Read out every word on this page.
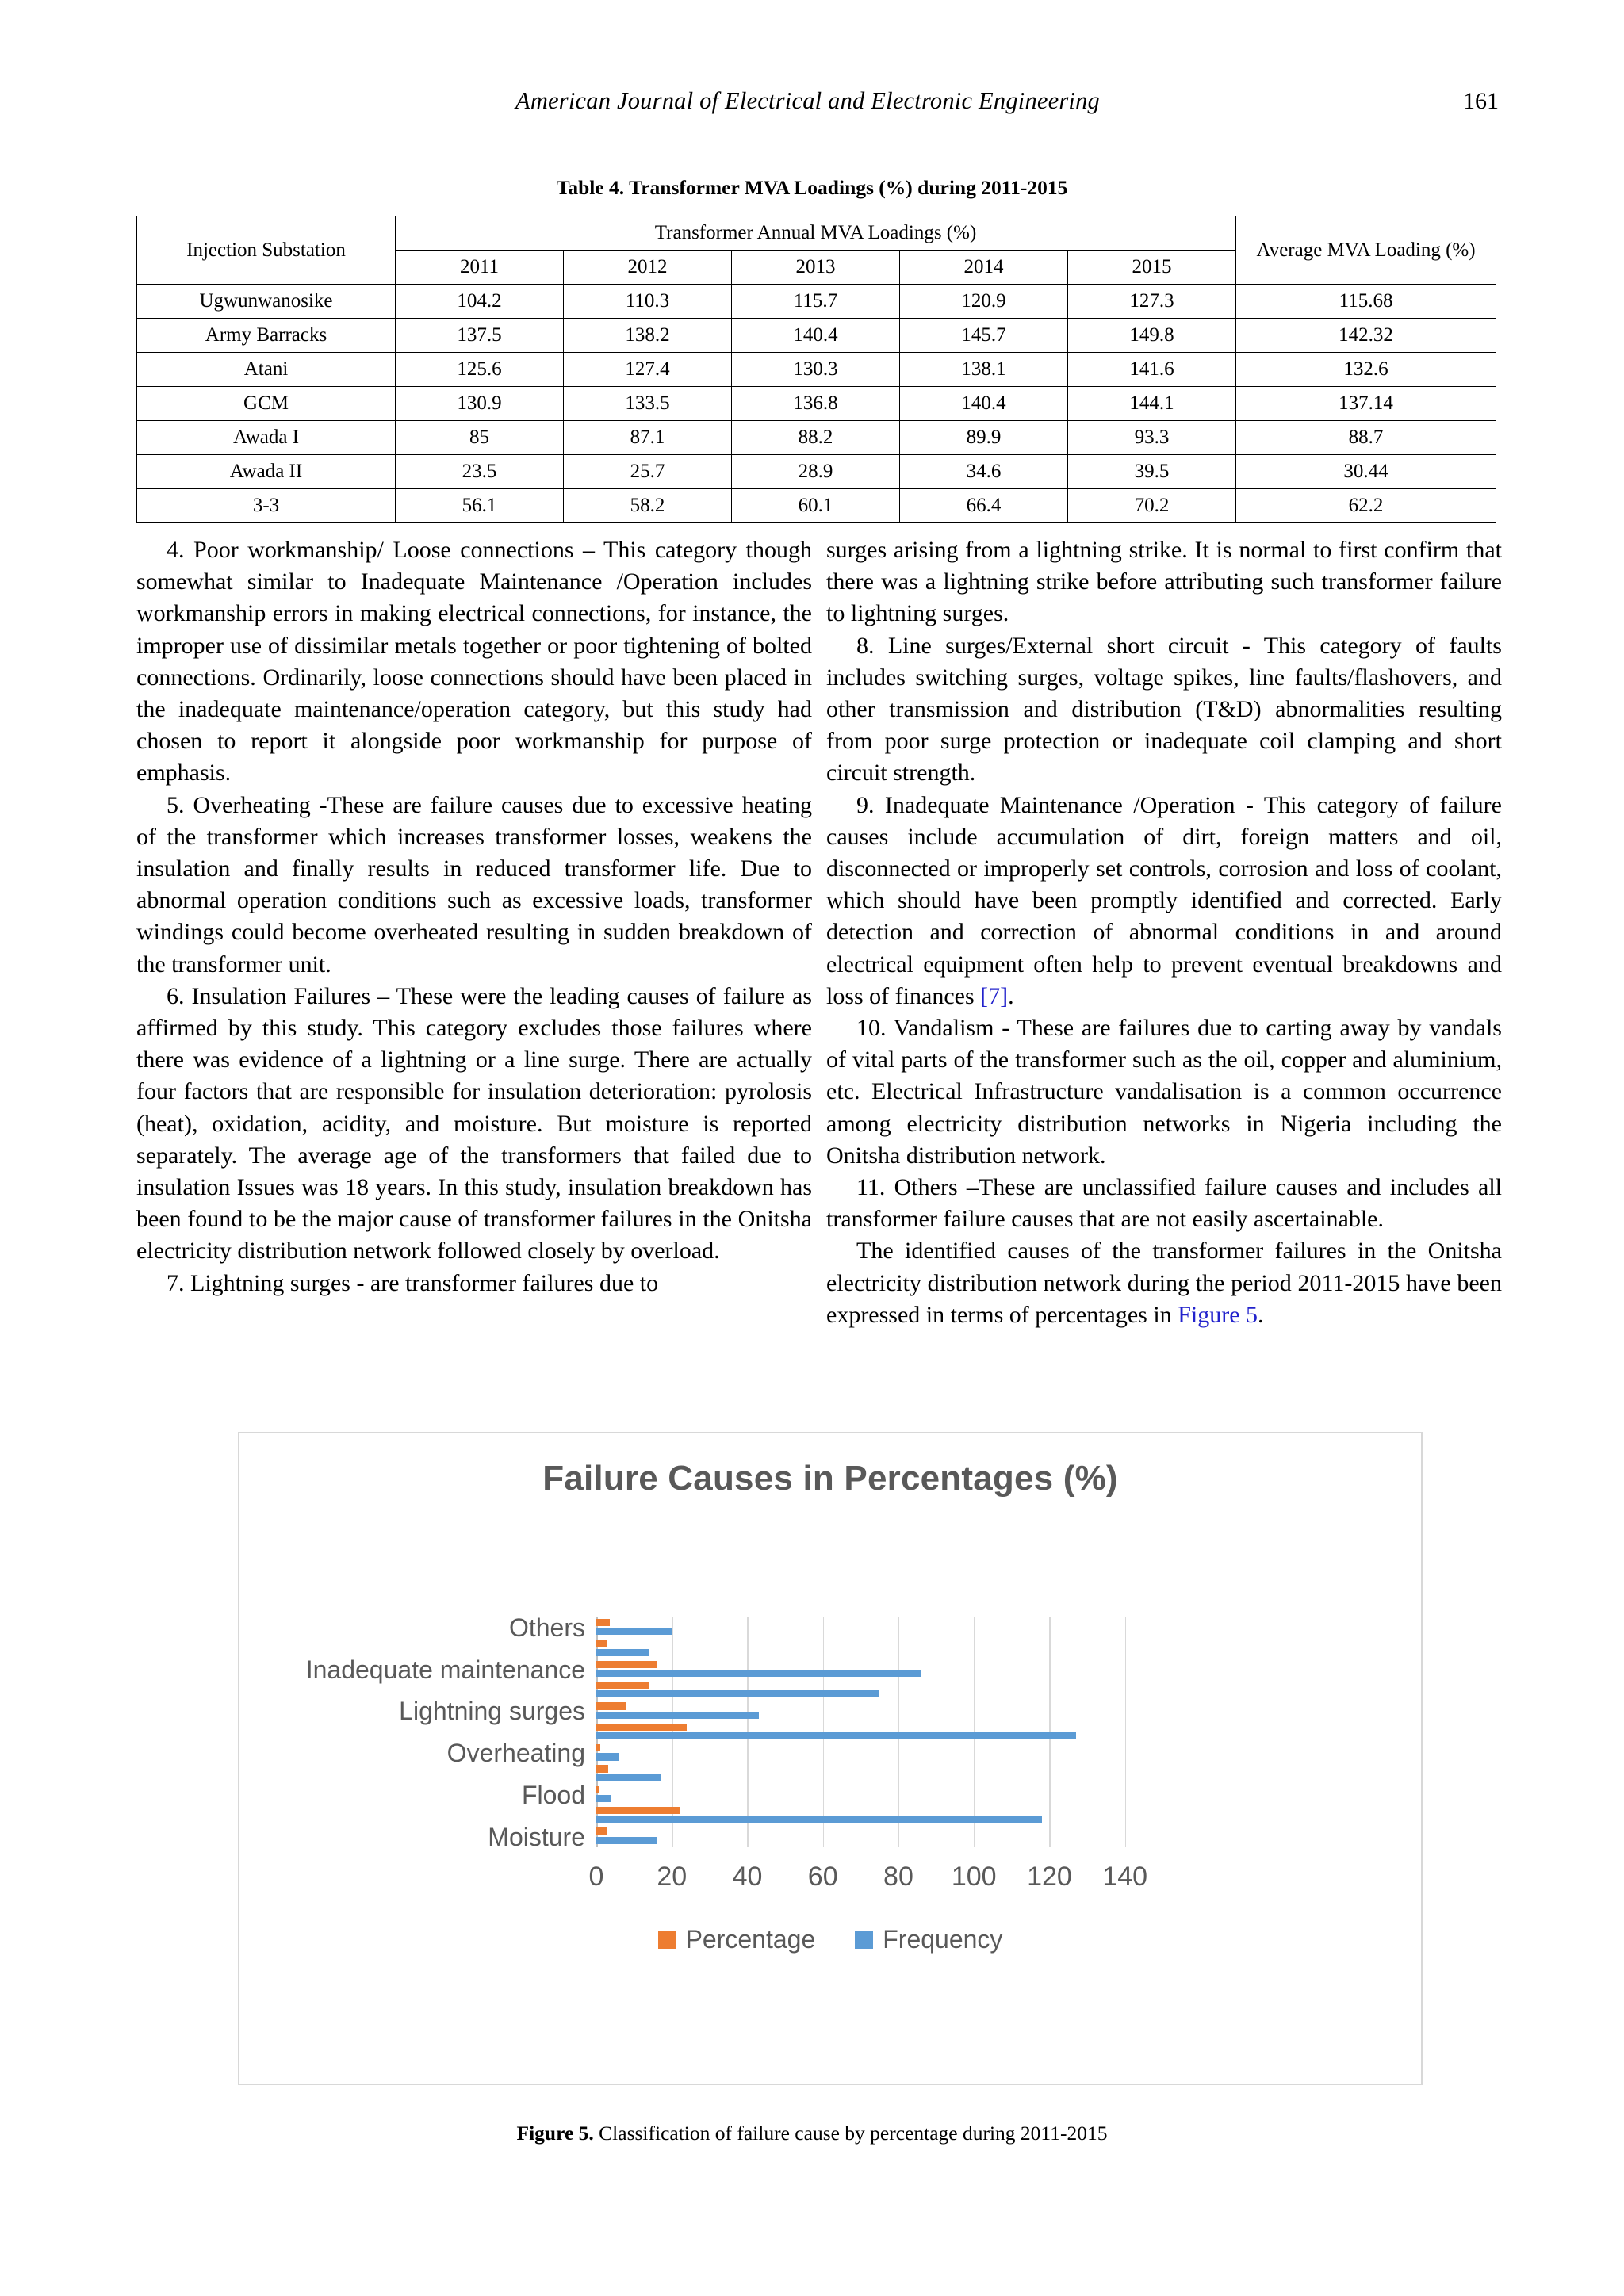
American Journal of Electrical and Electronic Engineering	161
Table 4. Transformer MVA Loadings (%) during 2011-2015
Injection Substation	Transformer Annual MVA Loadings (%)					Average MVA Loading (%)
	2011	2012	2013	2014	2015	
Ugwunwanosike	104.2	110.3	115.7	120.9	127.3	115.68
Army Barracks	137.5	138.2	140.4	145.7	149.8	142.32
Atani	125.6	127.4	130.3	138.1	141.6	132.6
GCM	130.9	133.5	136.8	140.4	144.1	137.14
Awada I	85	87.1	88.2	89.9	93.3	88.7
Awada II	23.5	25.7	28.9	34.6	39.5	30.44
3-3	56.1	58.2	60.1	66.4	70.2	62.2

4. Poor workmanship/ Loose connections – This category though somewhat similar to Inadequate Maintenance /Operation includes workmanship errors in making electrical connections, for instance, the improper use of dissimilar metals together or poor tightening of bolted connections. Ordinarily, loose connections should have been placed in the inadequate maintenance/operation category, but this study had chosen to report it alongside poor workmanship for purpose of emphasis.

5. Overheating -These are failure causes due to excessive heating of the transformer which increases transformer losses, weakens the insulation and finally results in reduced transformer life. Due to abnormal operation conditions such as excessive loads, transformer windings could become overheated resulting in sudden breakdown of the transformer unit.

6. Insulation Failures – These were the leading causes of failure as affirmed by this study. This category excludes those failures where there was evidence of a lightning or a line surge. There are actually four factors that are responsible for insulation deterioration: pyrolosis (heat), oxidation, acidity, and moisture. But moisture is reported separately. The average age of the transformers that failed due to insulation Issues was 18 years. In this study, insulation breakdown has been found to be the major cause of transformer failures in the Onitsha electricity distribution network followed closely by overload.

7. Lightning surges - are transformer failures due to

surges arising from a lightning strike. It is normal to first confirm that there was a lightning strike before attributing such transformer failure to lightning surges.

8. Line surges/External short circuit - This category of faults includes switching surges, voltage spikes, line faults/flashovers, and other transmission and distribution (T&D) abnormalities resulting from poor surge protection or inadequate coil clamping and short circuit strength.

9. Inadequate Maintenance /Operation - This category of failure causes include accumulation of dirt, foreign matters and oil, disconnected or improperly set controls, corrosion and loss of coolant, which should have been promptly identified and corrected. Early detection and correction of abnormal conditions in and around electrical equipment often help to prevent eventual breakdowns and loss of finances [7].

10. Vandalism - These are failures due to carting away by vandals of vital parts of the transformer such as the oil, copper and aluminium, etc. Electrical Infrastructure vandalisation is a common occurrence among electricity distribution networks in Nigeria including the Onitsha distribution network.

11. Others –These are unclassified failure causes and includes all transformer failure causes that are not easily ascertainable.

The identified causes of the transformer failures in the Onitsha electricity distribution network during the period 2011-2015 have been expressed in terms of percentages in Figure 5.

Failure Causes in Percentages (%)
Others
Inadequate maintenance
Lightning surges
Overheating
Flood
Moisture
0 20 40 60 80 100 120 140
Percentage	Frequency
Figure 5. Classification of failure cause by percentage during 2011-2015
